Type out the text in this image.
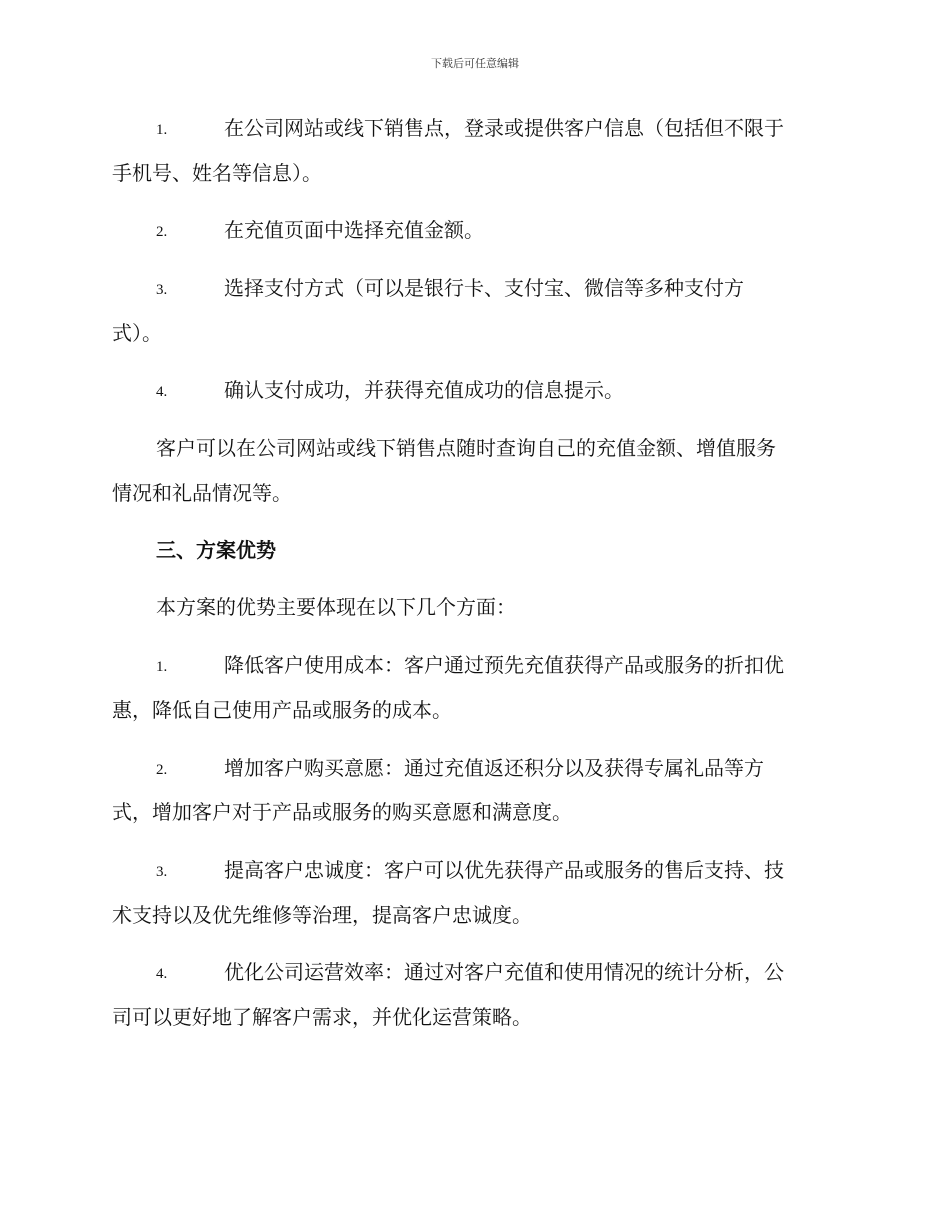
下载后可任意编辑
1.	在公司网站或线下销售点，登录或提供客户信息（包括但不限于
手机号、姓名等信息）。
2.	在充值页面中选择充值金额。
3.	选择支付方式（可以是银行卡、支付宝、微信等多种支付方
式）。
4.	确认支付成功，并获得充值成功的信息提示。
客户可以在公司网站或线下销售点随时查询自己的充值金额、增值服务
情况和礼品情况等。
三、方案优势
本方案的优势主要体现在以下几个方面：
1.	降低客户使用成本：客户通过预先充值获得产品或服务的折扣优
惠，降低自己使用产品或服务的成本。
2.	增加客户购买意愿：通过充值返还积分以及获得专属礼品等方
式，增加客户对于产品或服务的购买意愿和满意度。
3.	提高客户忠诚度：客户可以优先获得产品或服务的售后支持、技
术支持以及优先维修等治理，提高客户忠诚度。
4.	优化公司运营效率：通过对客户充值和使用情况的统计分析，公
司可以更好地了解客户需求，并优化运营策略。
